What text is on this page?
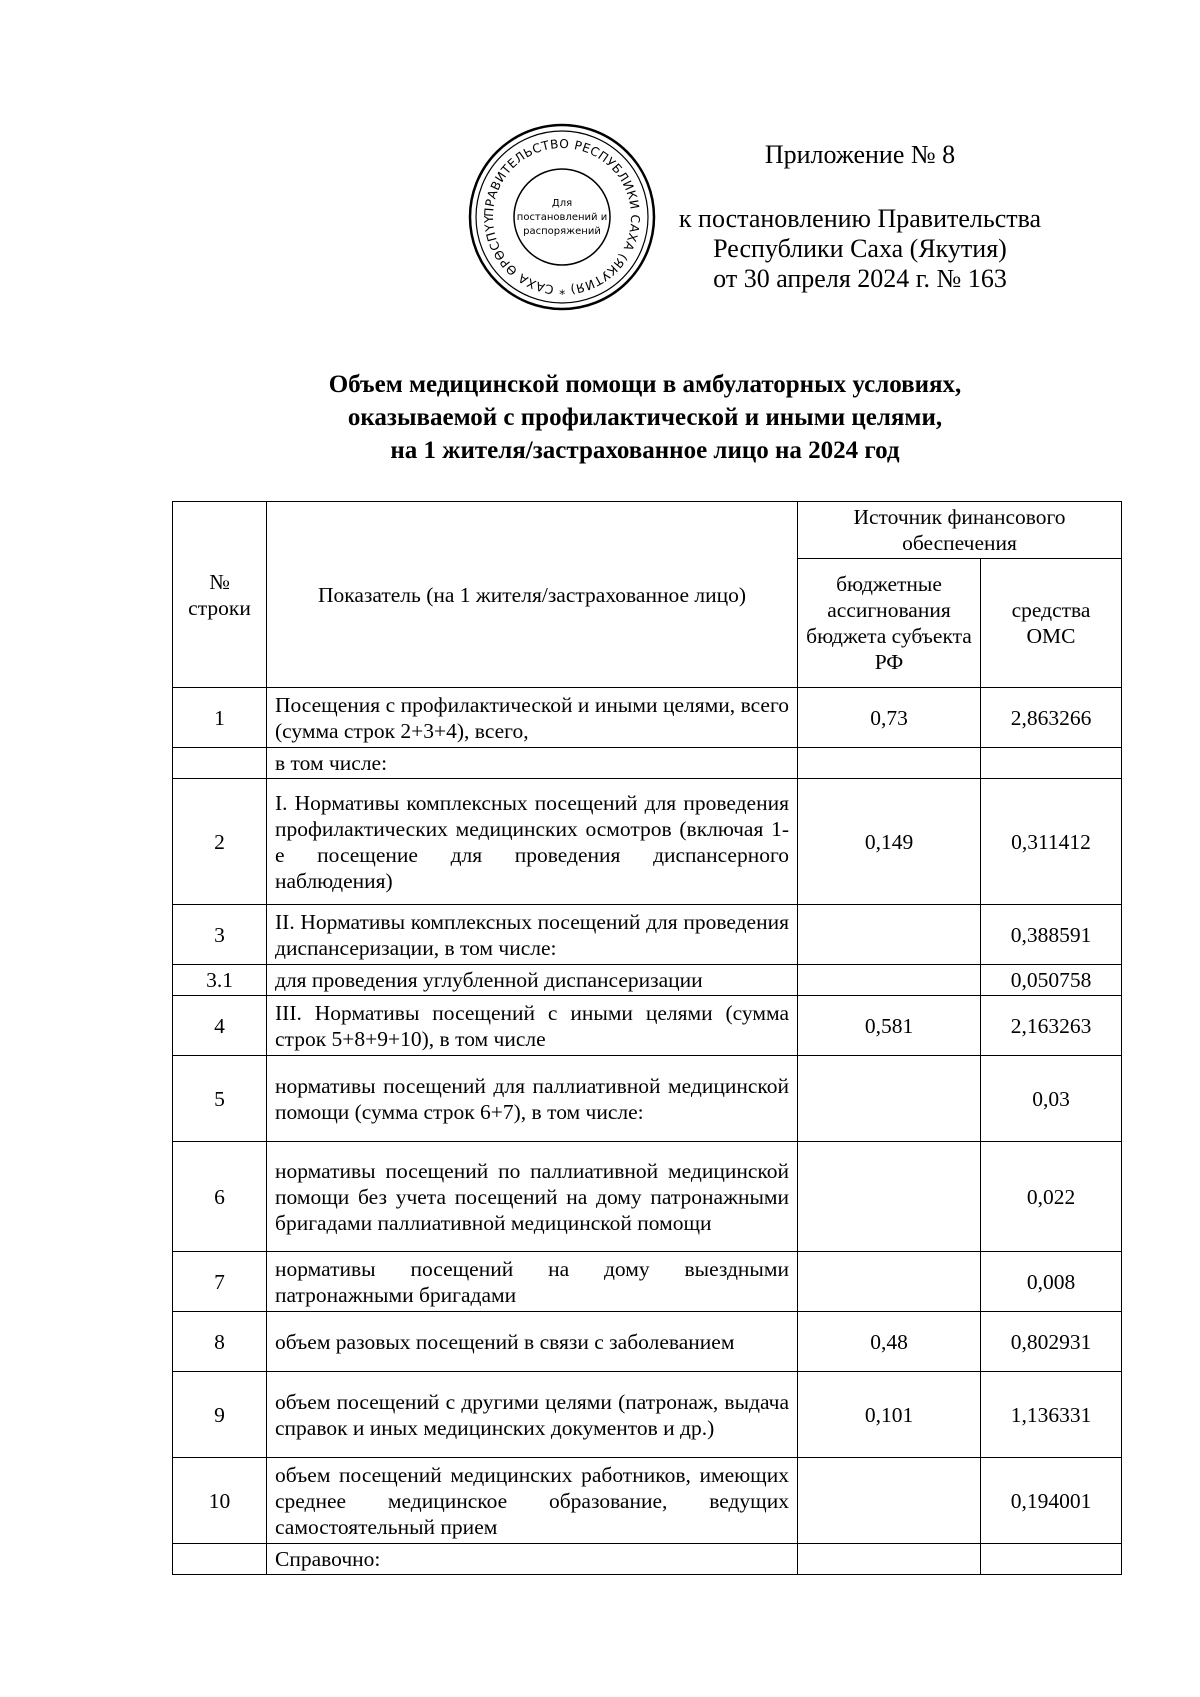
ПРАВИТЕЛЬСТВО РЕСПУБЛИКИ САХА (ЯКУТИЯ) * САХА ӨРӨСПҮҮ
Для
постановлений и
распоряжений
Приложение № 8
к постановлению Правительства
Республики Саха (Якутия)
от 30 апреля 2024 г. № 163
Объем медицинской помощи в амбулаторных условиях,
оказываемой с профилактической и иными целями,
на 1 жителя/застрахованное лицо на 2024 год
№ строки	Показатель (на 1 жителя/застрахованное лицо)	Источник финансового обеспечения	
		бюджетные ассигнования бюджета субъекта РФ	средства ОМС
1	Посещения с профилактической и иными целями, всего (сумма строк 2+3+4), всего,	0,73	2,863266
	в том числе:		
2	I. Нормативы комплексных посещений для проведения профилактических медицинских осмотров (включая 1-е посещение для проведения диспансерного наблюдения)	0,149	0,311412
3	II. Нормативы комплексных посещений для проведения диспансеризации, в том числе:		0,388591
3.1	для проведения углубленной диспансеризации		0,050758
4	III. Нормативы посещений с иными целями (сумма строк 5+8+9+10), в том числе	0,581	2,163263
5	нормативы посещений для паллиативной медицинской помощи (сумма строк 6+7), в том числе:		0,03
6	нормативы посещений по паллиативной медицинской помощи без учета посещений на дому патронажными бригадами паллиативной медицинской помощи		0,022
7	нормативы посещений на дому выездными патронажными бригадами		0,008
8	объем разовых посещений в связи с заболеванием	0,48	0,802931
9	объем посещений с другими целями (патронаж, выдача справок и иных медицинских документов и др.)	0,101	1,136331
10	объем посещений медицинских работников, имеющих среднее медицинское образование, ведущих самостоятельный прием		0,194001
	Справочно:		
